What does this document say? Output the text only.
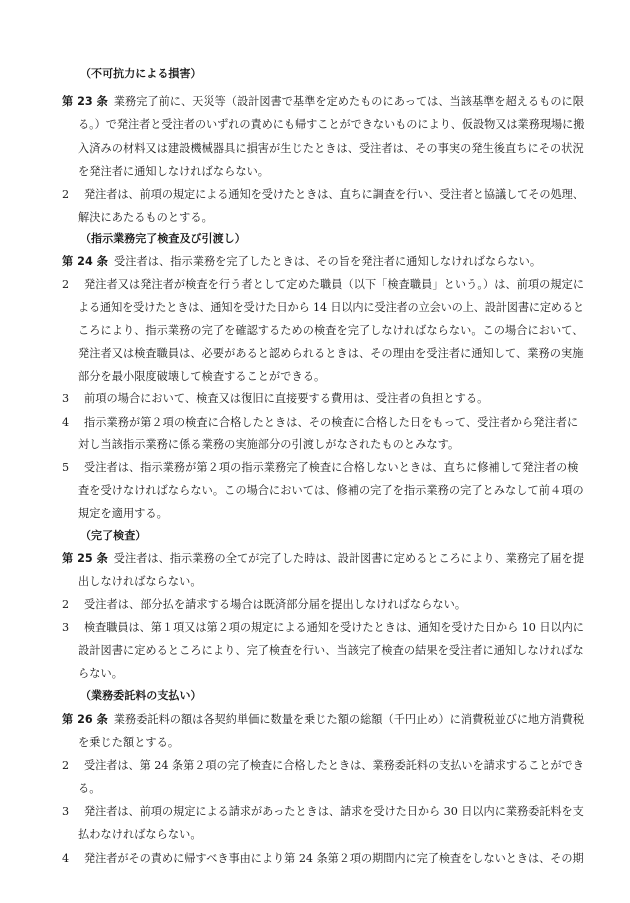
（不可抗力による損害）
第 23 条 業務完了前に、天災等（設計図書で基準を定めたものにあっては、当該基準を超えるものに限
る。）で発注者と受注者のいずれの責めにも帰すことができないものにより、仮設物又は業務現場に搬
入済みの材料又は建設機械器具に損害が生じたときは、受注者は、その事実の発生後直ちにその状況
を発注者に通知しなければならない。
2 発注者は、前項の規定による通知を受けたときは、直ちに調査を行い、受注者と協議してその処理、
解決にあたるものとする。
（指示業務完了検査及び引渡し）
第 24 条 受注者は、指示業務を完了したときは、その旨を発注者に通知しなければならない。
2 発注者又は発注者が検査を行う者として定めた職員（以下「検査職員」という。）は、前項の規定に
よる通知を受けたときは、通知を受けた日から 14 日以内に受注者の立会いの上、設計図書に定めると
ころにより、指示業務の完了を確認するための検査を完了しなければならない。この場合において、
発注者又は検査職員は、必要があると認められるときは、その理由を受注者に通知して、業務の実施
部分を最小限度破壊して検査することができる。
3 前項の場合において、検査又は復旧に直接要する費用は、受注者の負担とする。
4 指示業務が第２項の検査に合格したときは、その検査に合格した日をもって、受注者から発注者に
対し当該指示業務に係る業務の実施部分の引渡しがなされたものとみなす。
5 受注者は、指示業務が第２項の指示業務完了検査に合格しないときは、直ちに修補して発注者の検
査を受けなければならない。この場合においては、修補の完了を指示業務の完了とみなして前４項の
規定を適用する。
（完了検査）
第 25 条 受注者は、指示業務の全てが完了した時は、設計図書に定めるところにより、業務完了届を提
出しなければならない。
2 受注者は、部分払を請求する場合は既済部分届を提出しなければならない。
3 検査職員は、第１項又は第２項の規定による通知を受けたときは、通知を受けた日から 10 日以内に
設計図書に定めるところにより、完了検査を行い、当該完了検査の結果を受注者に通知しなければな
らない。
（業務委託料の支払い）
第 26 条 業務委託料の額は各契約単価に数量を乗じた額の総額（千円止め）に消費税並びに地方消費税
を乗じた額とする。
2 受注者は、第 24 条第２項の完了検査に合格したときは、業務委託料の支払いを請求することができ
る。
3 発注者は、前項の規定による請求があったときは、請求を受けた日から 30 日以内に業務委託料を支
払わなければならない。
4 発注者がその責めに帰すべき事由により第 24 条第２項の期間内に完了検査をしないときは、その期
